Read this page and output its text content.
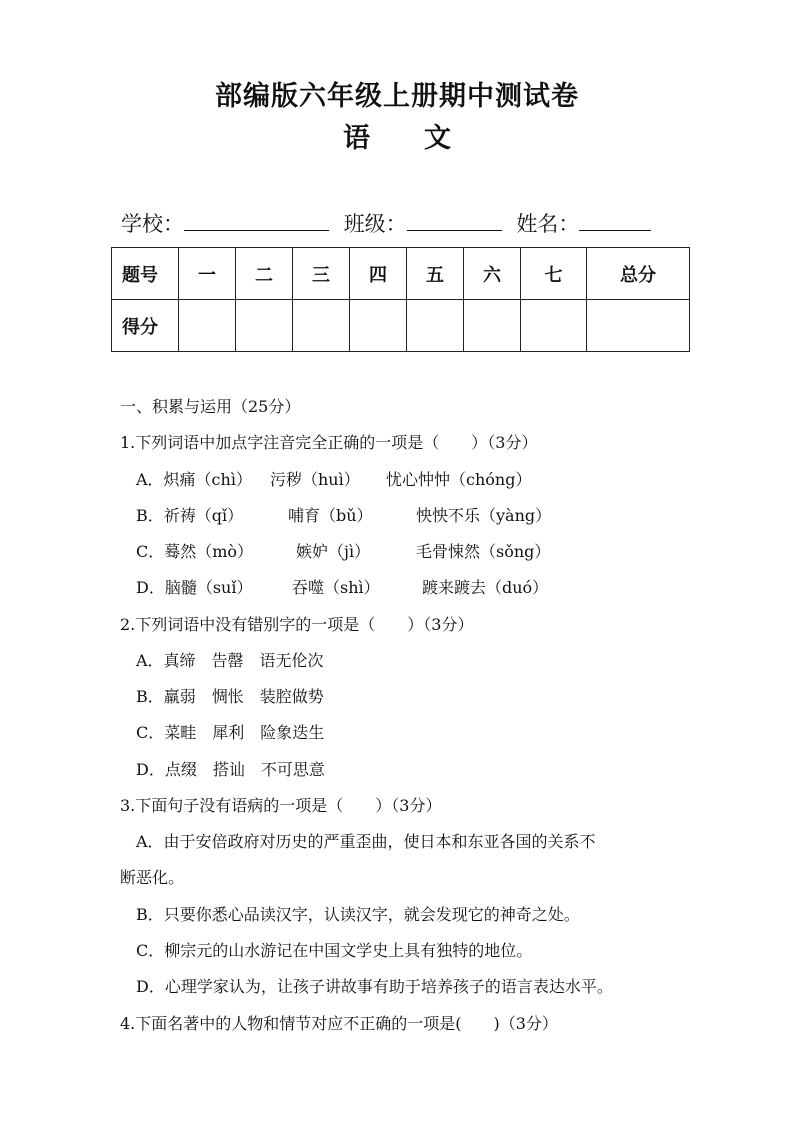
部编版六年级上册期中测试卷
语　　文
学校：	班级：	姓名：
题号	一	二	三	四	五	六	七	总分
得分								
一、积累与运用（25分）
1.下列词语中加点字注音完全正确的一项是（　　）（3分）
A．炽痛（chì） 污秽（huì） 忧心忡忡（chóng）
B．祈祷（qǐ）	哺育（bǔ）	怏怏不乐（yàng）
C．蓦然（mò）	嫉妒（jì）	毛骨悚然（sǒng）
D．脑髓（suǐ） 吞噬（shì）	踱来踱去（duó）
2.下列词语中没有错别字的一项是（　　）（3分）
A．真缔　告罄　语无伦次
B．羸弱　惆怅　装腔做势
C．菜畦　犀利　险象迭生
D．点缀　搭讪　不可思意
3.下面句子没有语病的一项是（　　）（3分）
A．由于安倍政府对历史的严重歪曲，使日本和东亚各国的关系不
断恶化。
B．只要你悉心品读汉字，认读汉字，就会发现它的神奇之处。
C．柳宗元的山水游记在中国文学史上具有独特的地位。
D．心理学家认为，让孩子讲故事有助于培养孩子的语言表达水平。
4.下面名著中的人物和情节对应不正确的一项是(　　)（3分）
